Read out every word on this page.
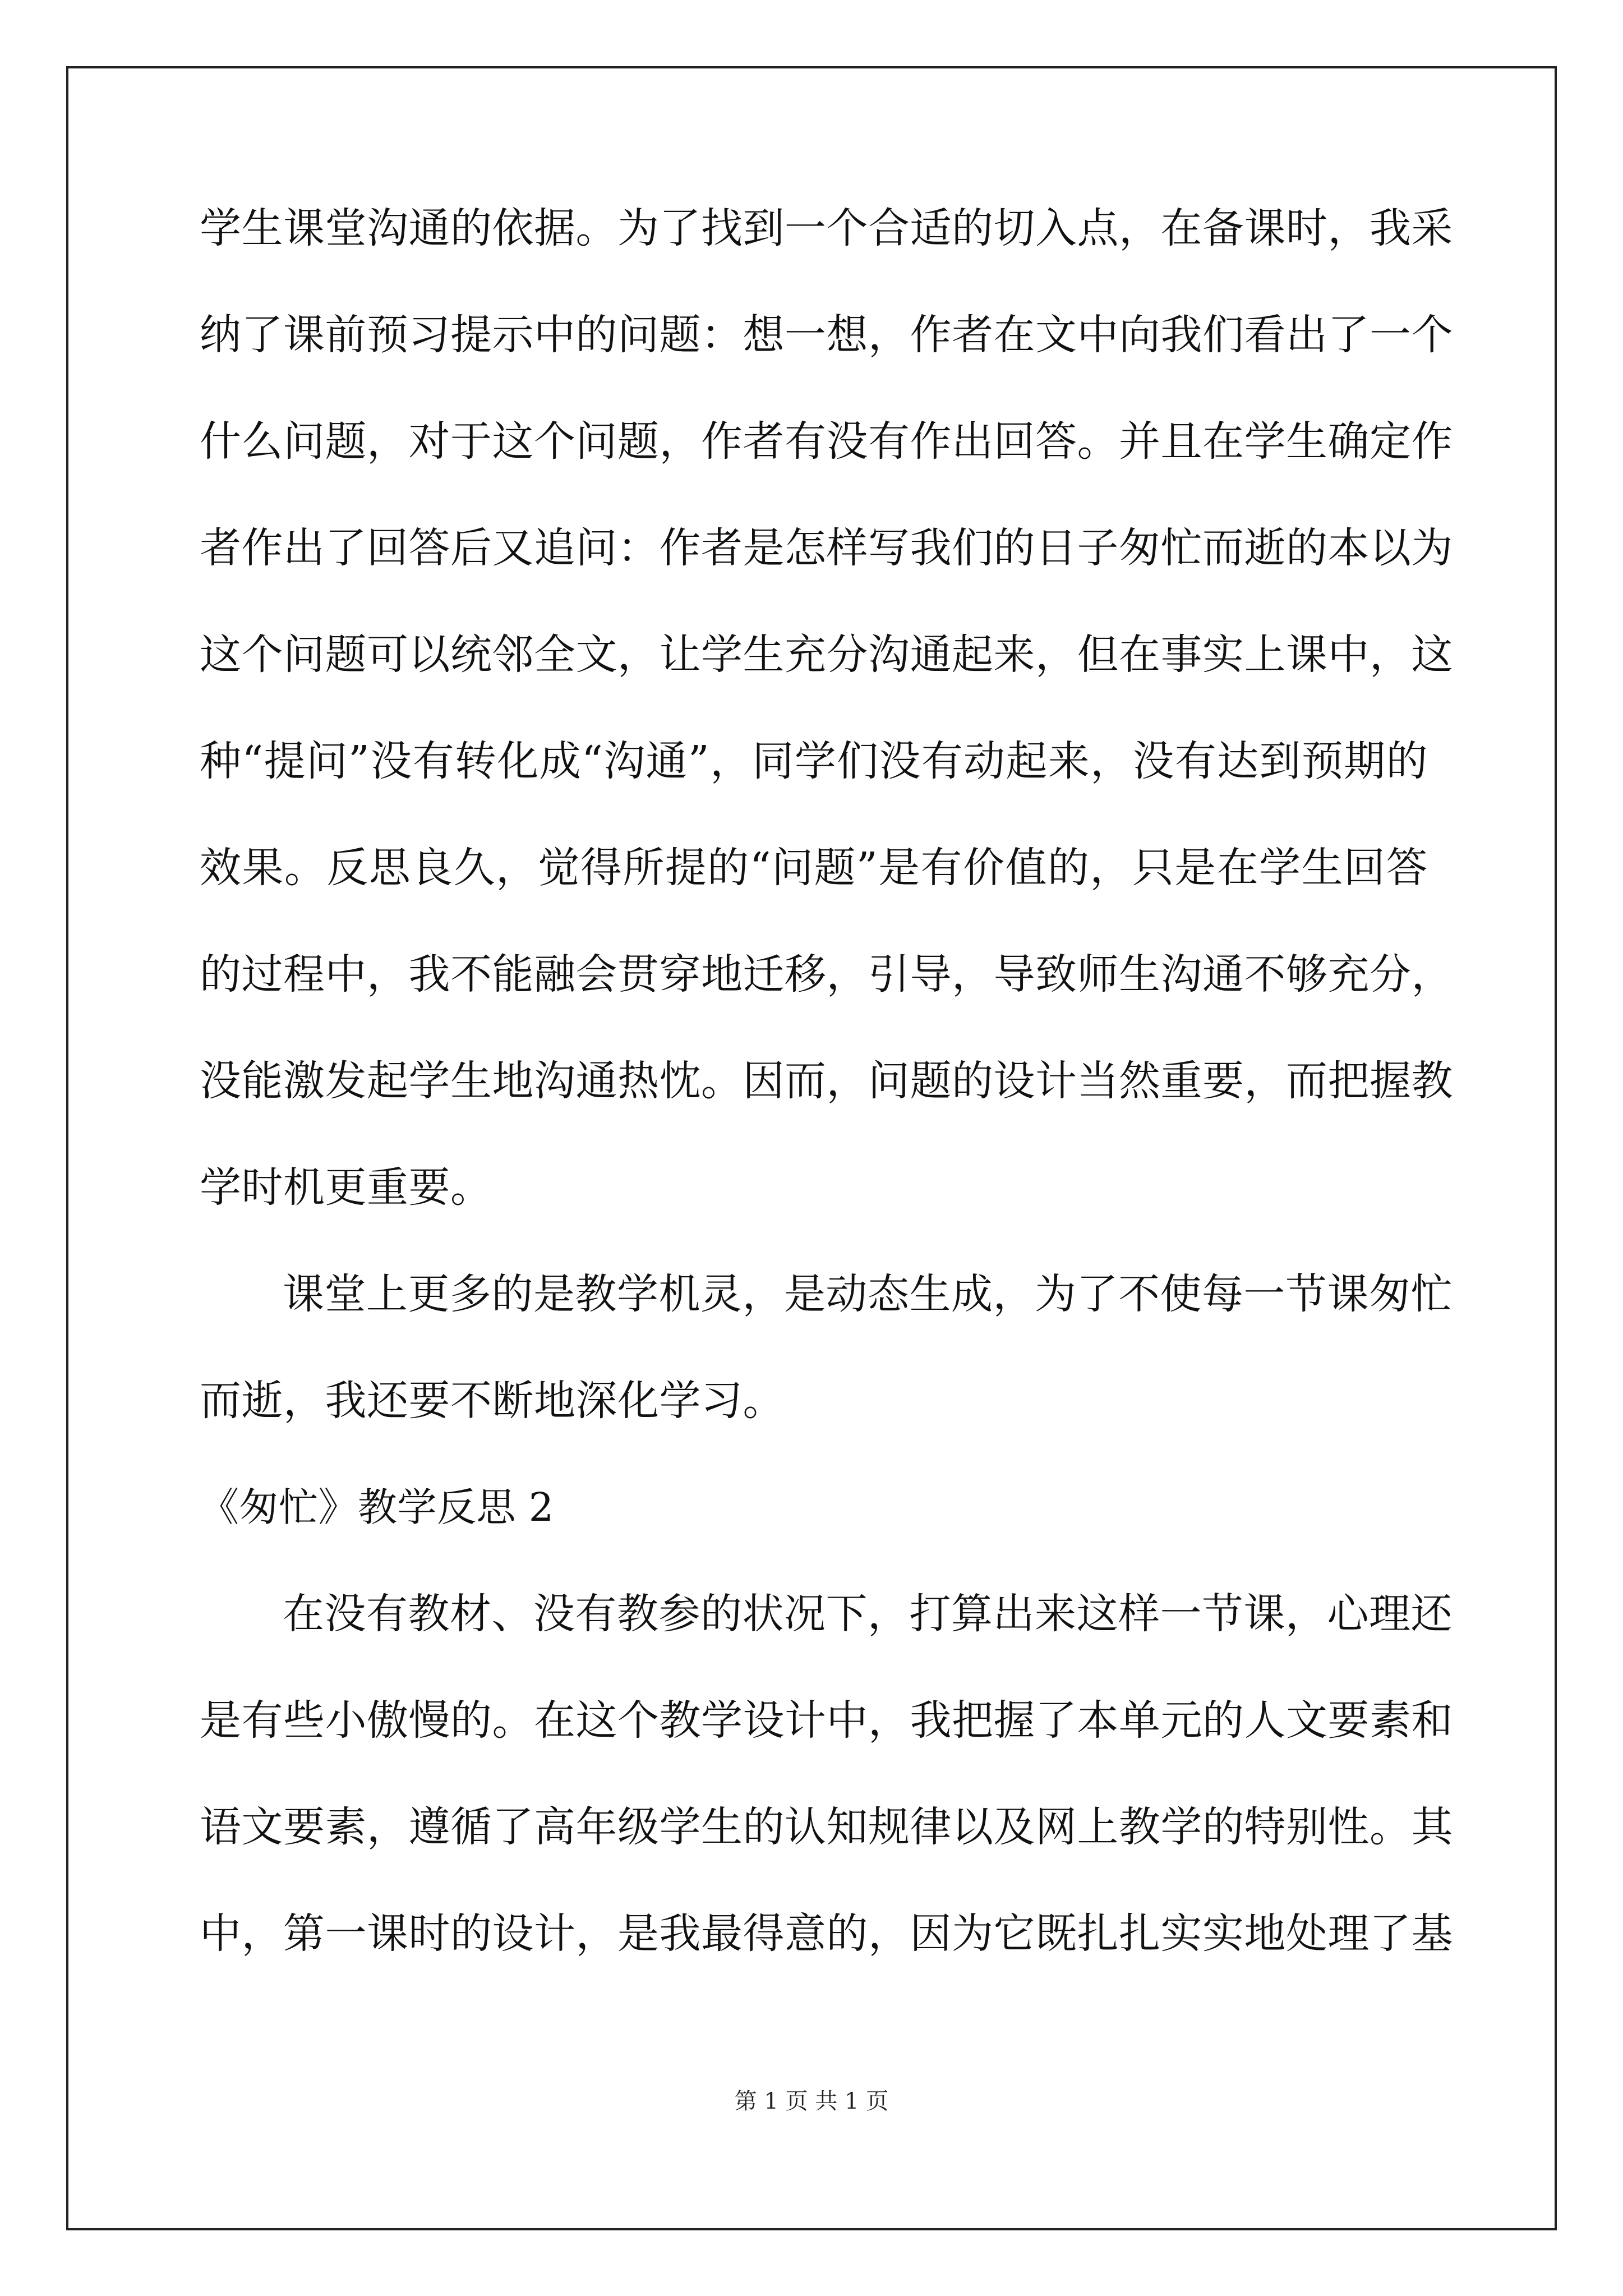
学生课堂沟通的依据。为了找到一个合适的切入点，在备课时，我采
纳了课前预习提示中的问题：想一想，作者在文中向我们看出了一个
什么问题，对于这个问题，作者有没有作出回答。并且在学生确定作
者作出了回答后又追问：作者是怎样写我们的日子匆忙而逝的本以为
这个问题可以统邻全文，让学生充分沟通起来，但在事实上课中，这
种“提问”没有转化成“沟通”，同学们没有动起来，没有达到预期的
效果。反思良久，觉得所提的“问题”是有价值的，只是在学生回答
的过程中，我不能融会贯穿地迁移，引导，导致师生沟通不够充分，
没能激发起学生地沟通热忱。因而，问题的设计当然重要，而把握教
学时机更重要。
课堂上更多的是教学机灵，是动态生成，为了不使每一节课匆忙
而逝，我还要不断地深化学习。
《匆忙》教学反思 2
在没有教材、没有教参的状况下，打算出来这样一节课，心理还
是有些小傲慢的。在这个教学设计中，我把握了本单元的人文要素和
语文要素，遵循了高年级学生的认知规律以及网上教学的特别性。其
中，第一课时的设计，是我最得意的，因为它既扎扎实实地处理了基
第 1 页 共 1 页
